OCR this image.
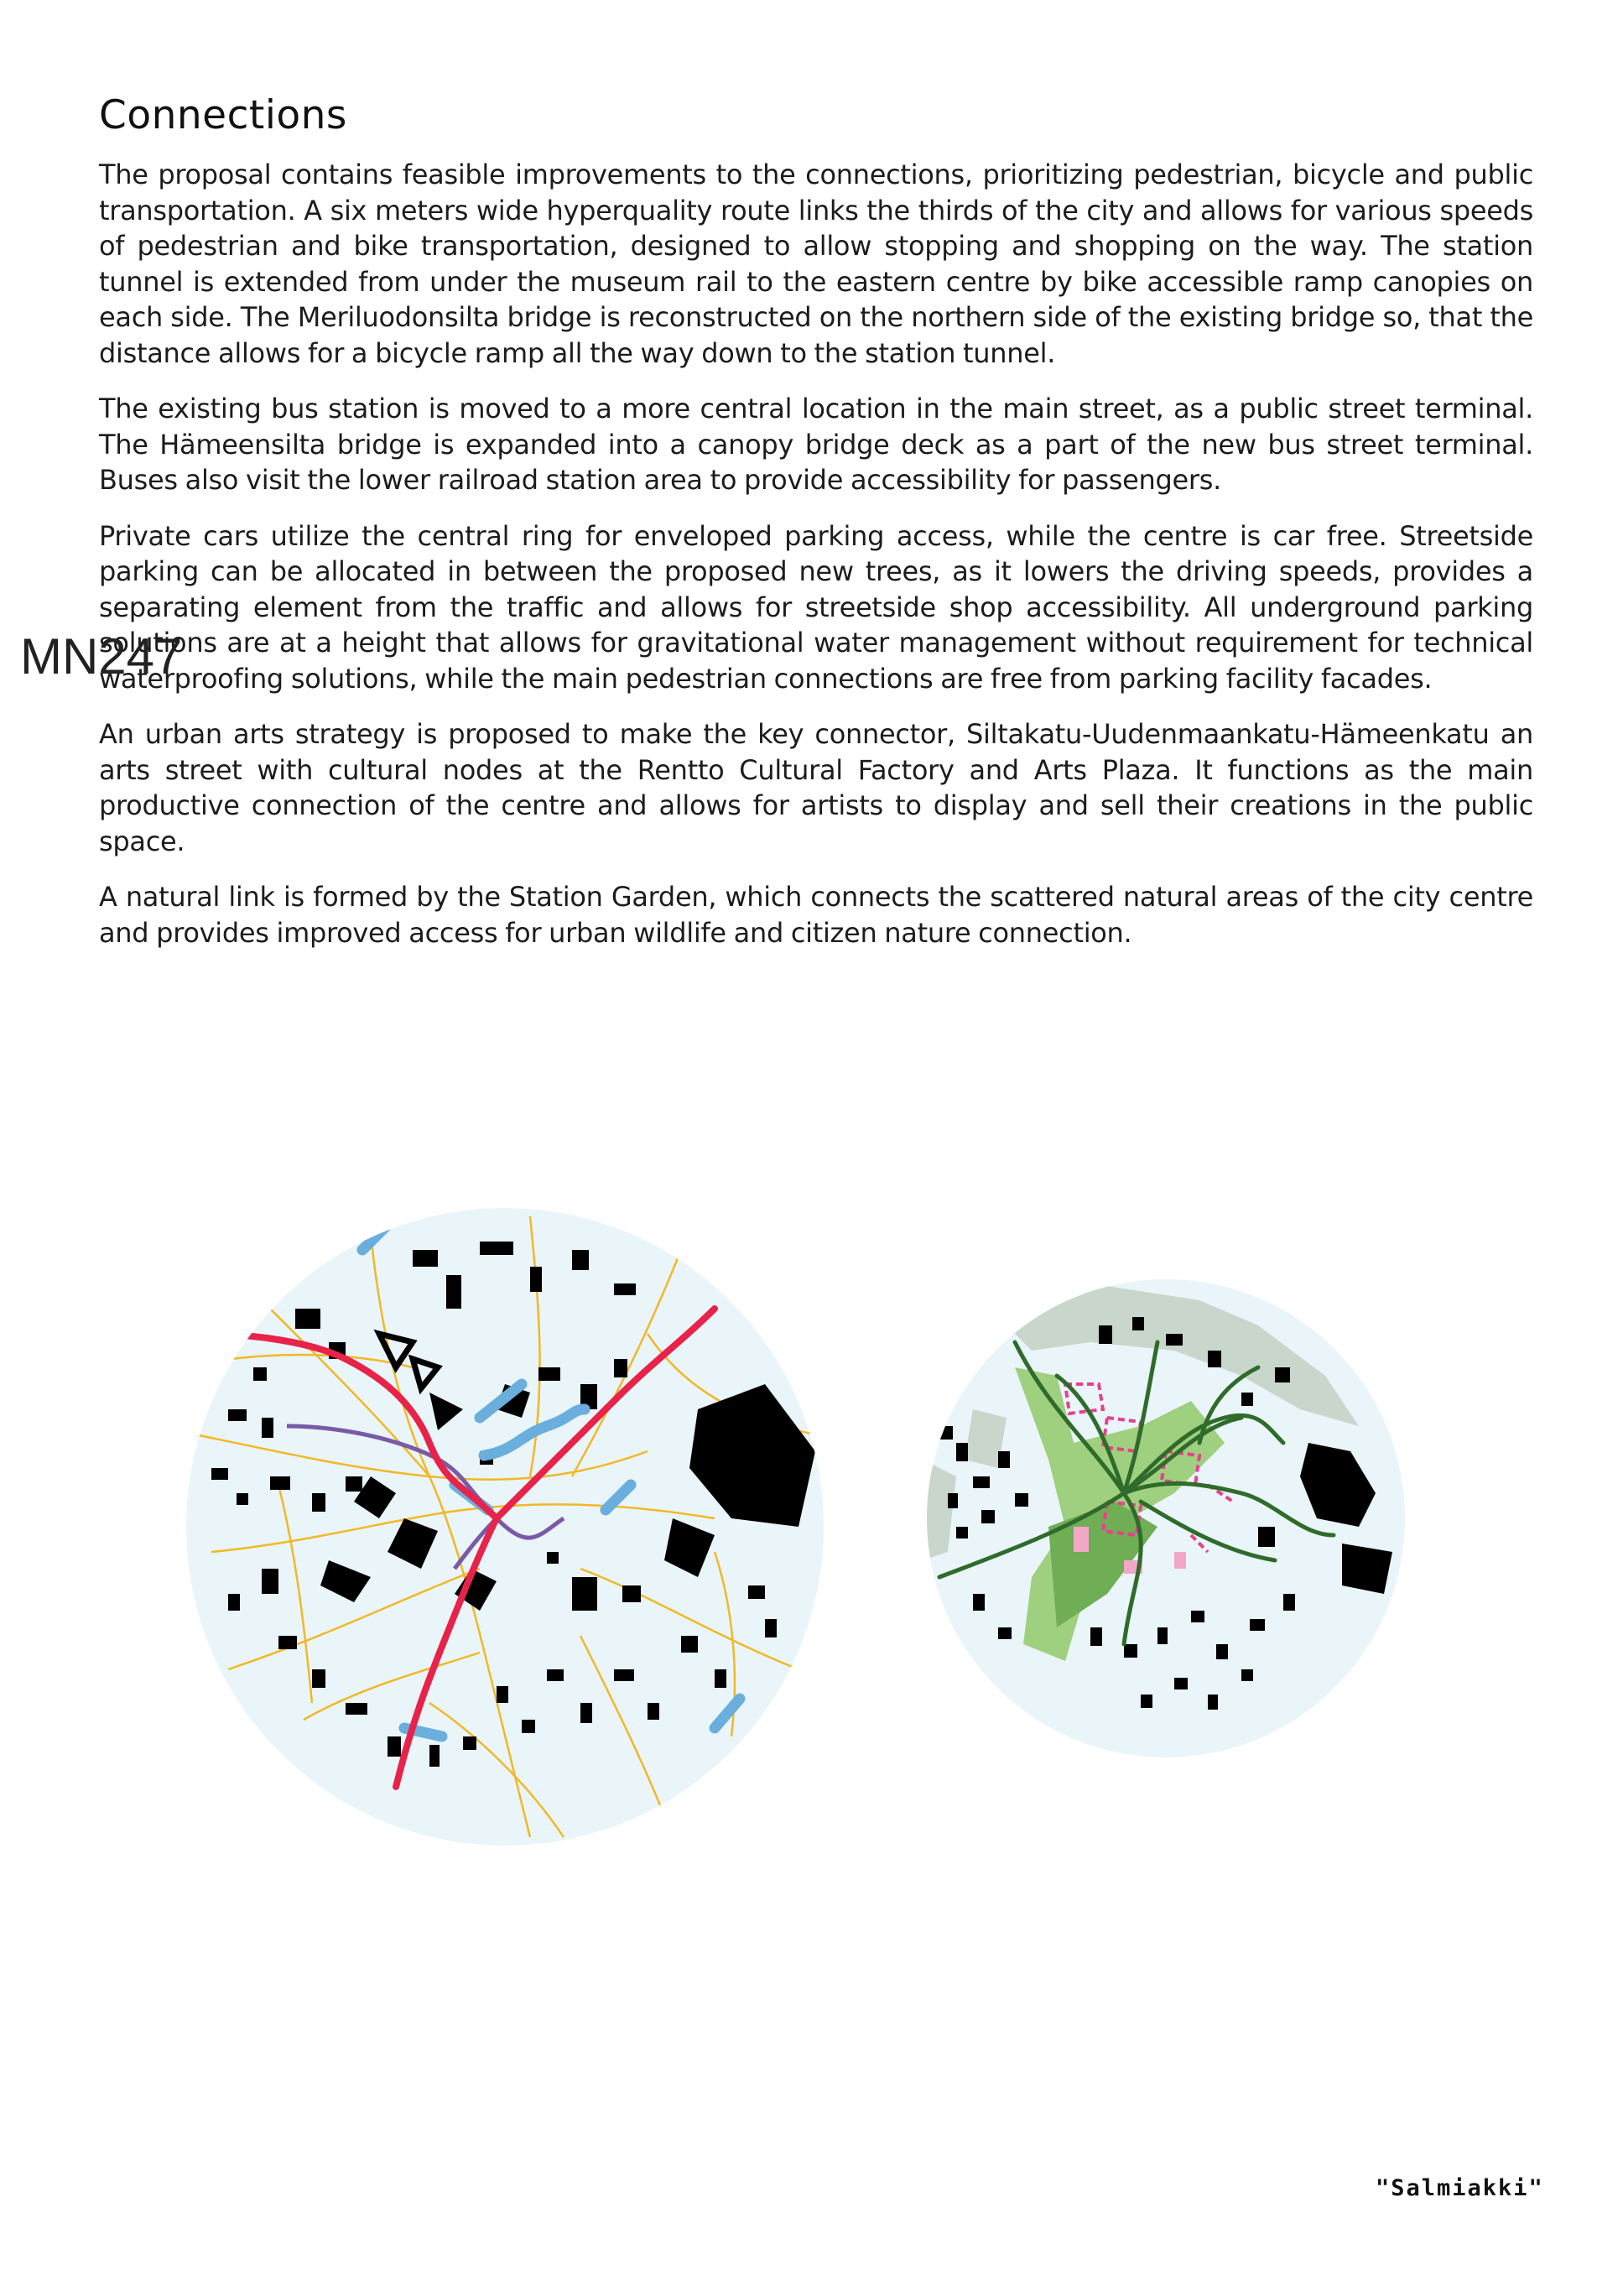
Connections

The proposal contains feasible improvements to the connections, prioritizing pedestrian, bicycle and public transportation. A six meters wide hyperquality route links the thirds of the city and allows for various speeds of pedestrian and bike transportation, designed to allow stopping and shopping on the way. The station tunnel is extended from under the museum rail to the eastern centre by bike accessible ramp canopies on each side. The Meriluodonsilta bridge is reconstructed on the northern side of the existing bridge so, that the distance allows for a bicycle ramp all the way down to the station tunnel.

The existing bus station is moved to a more central location in the main street, as a public street terminal. The Hämeensilta bridge is expanded into a canopy bridge deck as a part of the new bus street terminal. Buses also visit the lower railroad station area to provide accessibility for passengers.

Private cars utilize the central ring for enveloped parking access, while the centre is car free. Streetside parking can be allocated in between the proposed new trees, as it lowers the driving speeds, provides a separating element from the traffic and allows for streetside shop accessibility. All underground parking solutions are at a height that allows for gravitational water management without requirement for technical waterproofing solutions, while the main pedestrian connections are free from parking facility facades.

An urban arts strategy is proposed to make the key connector, Siltakatu-Uudenmaankatu-Hämeenkatu an arts street with cultural nodes at the Rentto Cultural Factory and Arts Plaza. It functions as the main productive connection of the centre and allows for artists to display and sell their creations in the public space.

A natural link is formed by the Station Garden, which connects the scattered natural areas of the city centre and provides improved access for urban wildlife and citizen nature connection.

MN247
"Salmiakki"
